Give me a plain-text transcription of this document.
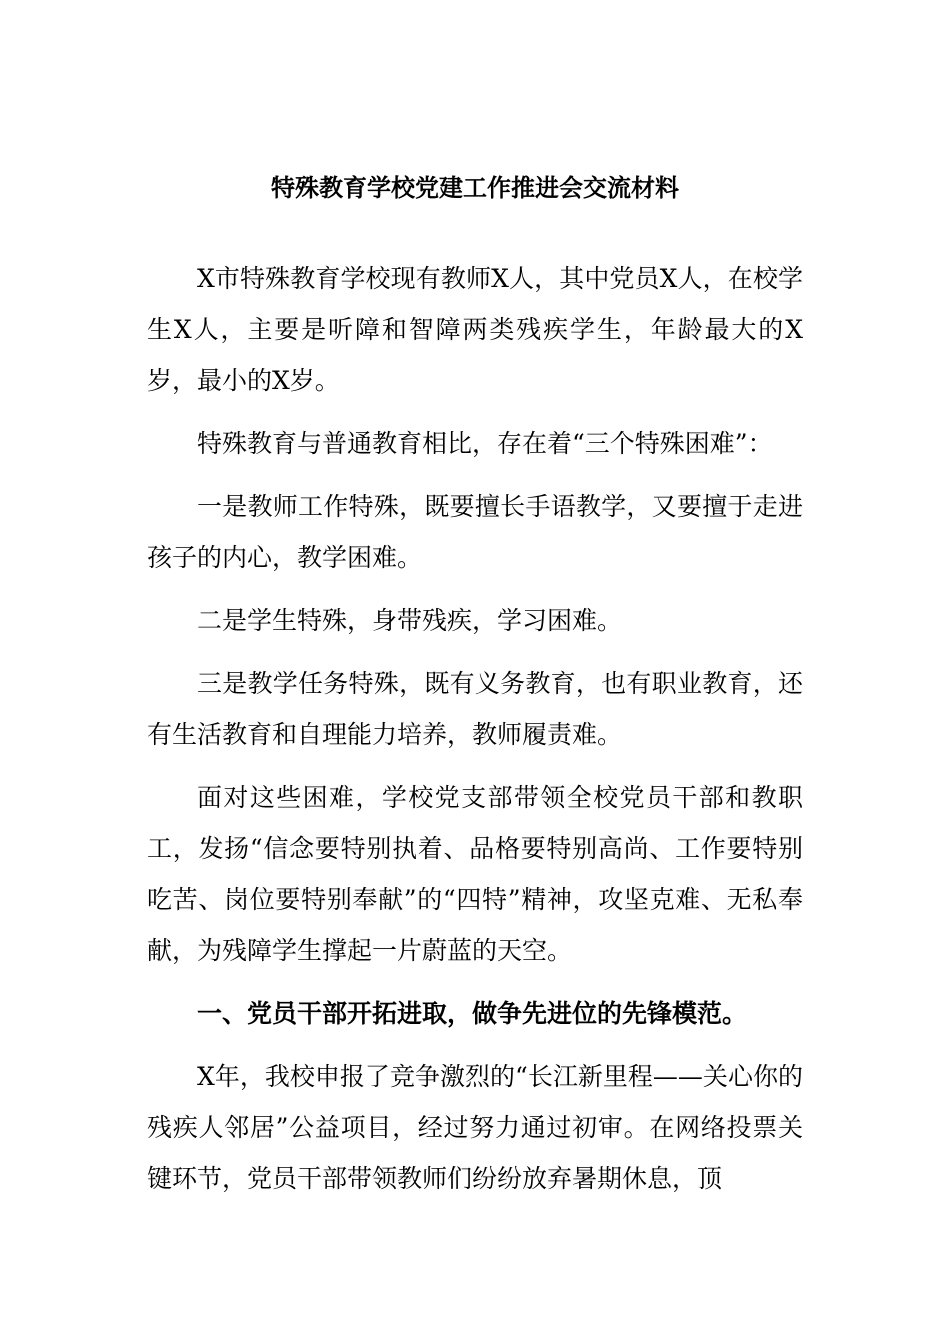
特殊教育学校党建工作推进会交流材料

X市特殊教育学校现有教师X人，其中党员X人，在校学生X人，主要是听障和智障两类残疾学生，年龄最大的X岁，最小的X岁。

特殊教育与普通教育相比，存在着“三个特殊困难”：

一是教师工作特殊，既要擅长手语教学，又要擅于走进孩子的内心，教学困难。

二是学生特殊，身带残疾，学习困难。

三是教学任务特殊，既有义务教育，也有职业教育，还有生活教育和自理能力培养，教师履责难。

面对这些困难，学校党支部带领全校党员干部和教职工，发扬“信念要特别执着、品格要特别高尚、工作要特别吃苦、岗位要特别奉献”的“四特”精神，攻坚克难、无私奉献，为残障学生撑起一片蔚蓝的天空。

一、党员干部开拓进取，做争先进位的先锋模范。

X年，我校申报了竞争激烈的“长江新里程——关心你的残疾人邻居”公益项目，经过努力通过初审。在网络投票关键环节，党员干部带领教师们纷纷放弃暑期休息，顶
